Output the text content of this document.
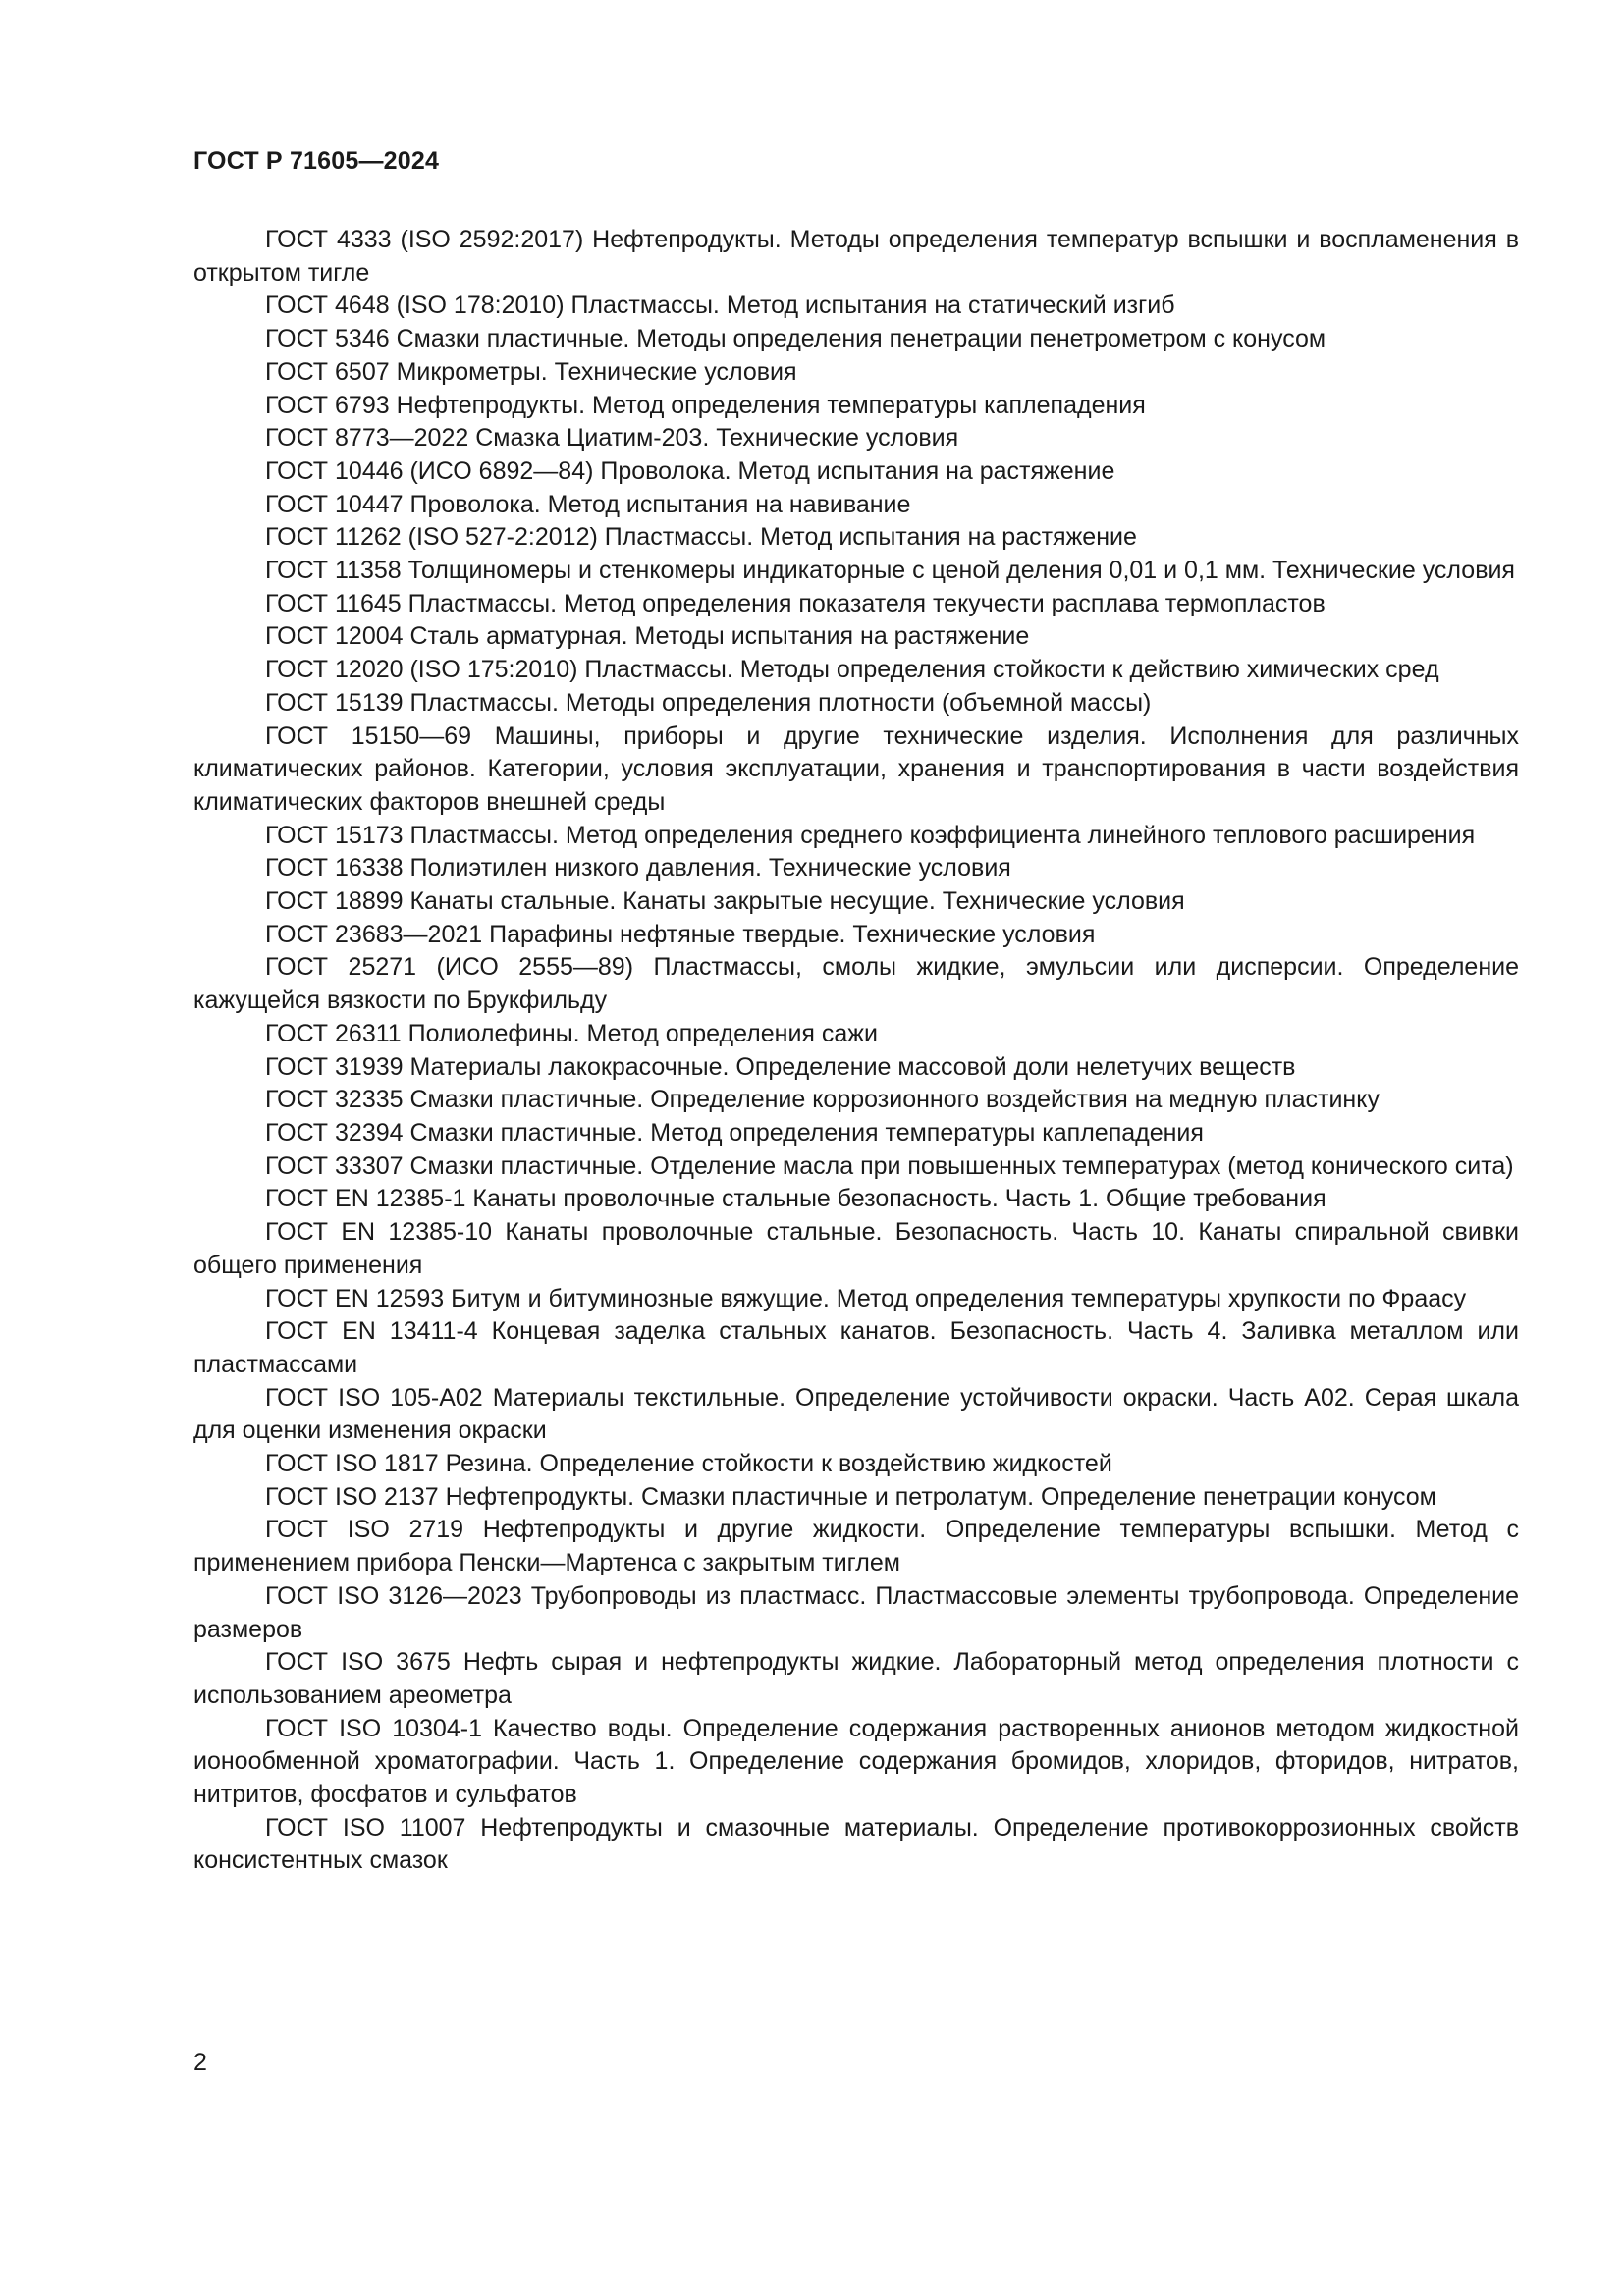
ГОСТ Р 71605—2024
ГОСТ 4333 (ISO 2592:2017) Нефтепродукты. Методы определения температур вспышки и воспламенения в открытом тигле
ГОСТ 4648 (ISO 178:2010) Пластмассы. Метод испытания на статический изгиб
ГОСТ 5346 Смазки пластичные. Методы определения пенетрации пенетрометром с конусом
ГОСТ 6507 Микрометры. Технические условия
ГОСТ 6793 Нефтепродукты. Метод определения температуры каплепадения
ГОСТ 8773—2022 Смазка Циатим-203. Технические условия
ГОСТ 10446 (ИСО 6892—84) Проволока. Метод испытания на растяжение
ГОСТ 10447 Проволока. Метод испытания на навивание
ГОСТ 11262 (ISO 527-2:2012) Пластмассы. Метод испытания на растяжение
ГОСТ 11358 Толщиномеры и стенкомеры индикаторные с ценой деления 0,01 и 0,1 мм. Технические условия
ГОСТ 11645 Пластмассы. Метод определения показателя текучести расплава термопластов
ГОСТ 12004 Сталь арматурная. Методы испытания на растяжение
ГОСТ 12020 (ISO 175:2010) Пластмассы. Методы определения стойкости к действию химических сред
ГОСТ 15139 Пластмассы. Методы определения плотности (объемной массы)
ГОСТ 15150—69 Машины, приборы и другие технические изделия. Исполнения для различных климатических районов. Категории, условия эксплуатации, хранения и транспортирования в части воздействия климатических факторов внешней среды
ГОСТ 15173 Пластмассы. Метод определения среднего коэффициента линейного теплового расширения
ГОСТ 16338 Полиэтилен низкого давления. Технические условия
ГОСТ 18899 Канаты стальные. Канаты закрытые несущие. Технические условия
ГОСТ 23683—2021 Парафины нефтяные твердые. Технические условия
ГОСТ 25271 (ИСО 2555—89) Пластмассы, смолы жидкие, эмульсии или дисперсии. Определение кажущейся вязкости по Брукфильду
ГОСТ 26311 Полиолефины. Метод определения сажи
ГОСТ 31939 Материалы лакокрасочные. Определение массовой доли нелетучих веществ
ГОСТ 32335 Смазки пластичные. Определение коррозионного воздействия на медную пластинку
ГОСТ 32394 Смазки пластичные. Метод определения температуры каплепадения
ГОСТ 33307 Смазки пластичные. Отделение масла при повышенных температурах (метод конического сита)
ГОСТ EN 12385-1 Канаты проволочные стальные безопасность. Часть 1. Общие требования
ГОСТ EN 12385-10 Канаты проволочные стальные. Безопасность. Часть 10. Канаты спиральной свивки общего применения
ГОСТ EN 12593 Битум и битуминозные вяжущие. Метод определения температуры хрупкости по Фраасу
ГОСТ EN 13411-4 Концевая заделка стальных канатов. Безопасность. Часть 4. Заливка металлом или пластмассами
ГОСТ ISO 105-A02 Материалы текстильные. Определение устойчивости окраски. Часть А02. Серая шкала для оценки изменения окраски
ГОСТ ISO 1817 Резина. Определение стойкости к воздействию жидкостей
ГОСТ ISO 2137 Нефтепродукты. Смазки пластичные и петролатум. Определение пенетрации конусом
ГОСТ ISO 2719 Нефтепродукты и другие жидкости. Определение температуры вспышки. Метод с применением прибора Пенски—Мартенса с закрытым тиглем
ГОСТ ISO 3126—2023 Трубопроводы из пластмасс. Пластмассовые элементы трубопровода. Определение размеров
ГОСТ ISO 3675 Нефть сырая и нефтепродукты жидкие. Лабораторный метод определения плотности с использованием ареометра
ГОСТ ISO 10304-1 Качество воды. Определение содержания растворенных анионов методом жидкостной ионообменной хроматографии. Часть 1. Определение содержания бромидов, хлоридов, фторидов, нитратов, нитритов, фосфатов и сульфатов
ГОСТ ISO 11007 Нефтепродукты и смазочные материалы. Определение противокоррозионных свойств консистентных смазок

2
